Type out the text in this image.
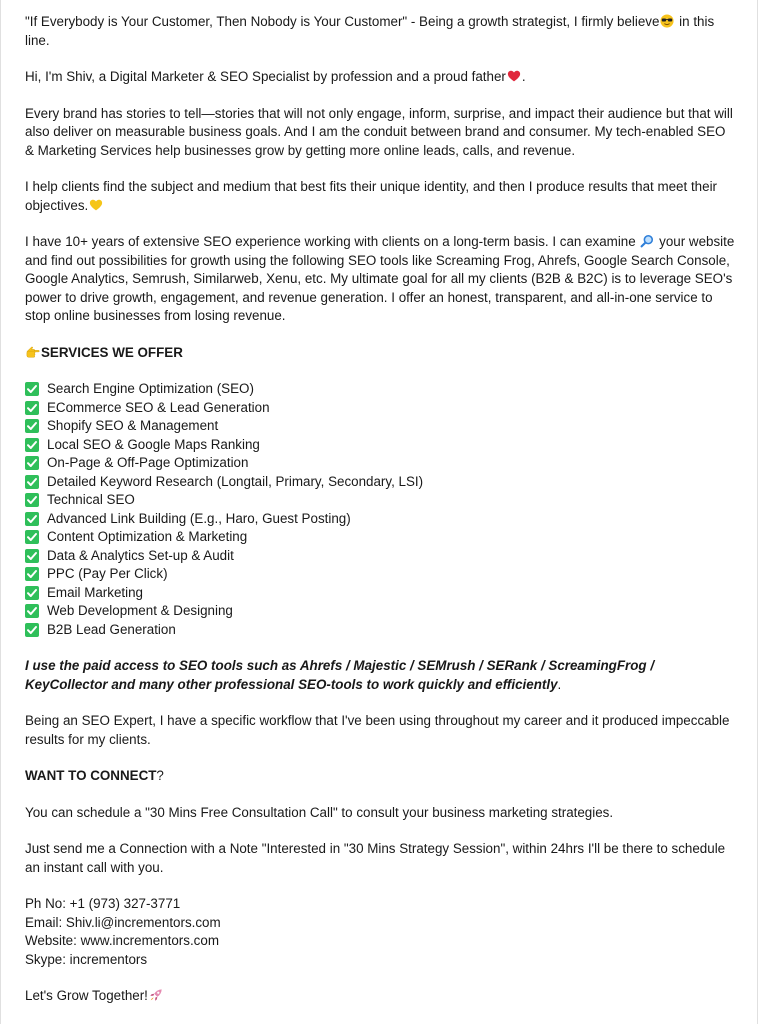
"If Everybody is Your Customer, Then Nobody is Your Customer" - Being a growth strategist, I firmly believe in this line.

Hi, I'm Shiv, a Digital Marketer & SEO Specialist by profession and a proud father .

Every brand has stories to tell—stories that will not only engage, inform, surprise, and impact their audience but that will also deliver on measurable business goals. And I am the conduit between brand and consumer. My tech-enabled SEO & Marketing Services help businesses grow by getting more online leads, calls, and revenue.

I help clients find the subject and medium that best fits their unique identity, and then I produce results that meet their objectives.

I have 10+ years of extensive SEO experience working with clients on a long-term basis. I can examine  your website and find out possibilities for growth using the following SEO tools like Screaming Frog, Ahrefs, Google Search Console, Google Analytics, Semrush, Similarweb, Xenu, etc. My ultimate goal for all my clients (B2B & B2C) is to leverage SEO's power to drive growth, engagement, and revenue generation. I offer an honest, transparent, and all-in-one service to stop online businesses from losing revenue.

SERVICES WE OFFER

Search Engine Optimization (SEO)
ECommerce SEO & Lead Generation
Shopify SEO & Management
Local SEO & Google Maps Ranking
On-Page & Off-Page Optimization
Detailed Keyword Research (Longtail, Primary, Secondary, LSI)
Technical SEO
Advanced Link Building (E.g., Haro, Guest Posting)
Content Optimization & Marketing
Data & Analytics Set-up & Audit
PPC (Pay Per Click)
Email Marketing
Web Development & Designing
B2B Lead Generation

I use the paid access to SEO tools such as Ahrefs / Majestic / SEMrush / SERank / ScreamingFrog / KeyCollector and many other professional SEO-tools to work quickly and efficiently.

Being an SEO Expert, I have a specific workflow that I've been using throughout my career and it produced impeccable results for my clients.

WANT TO CONNECT?

You can schedule a "30 Mins Free Consultation Call" to consult your business marketing strategies.

Just send me a Connection with a Note "Interested in "30 Mins Strategy Session", within 24hrs I'll be there to schedule an instant call with you.

Ph No: +1 (973) 327-3771
Email: Shiv.li@incrementors.com
Website: www.incrementors.com
Skype: incrementors

Let's Grow Together!
